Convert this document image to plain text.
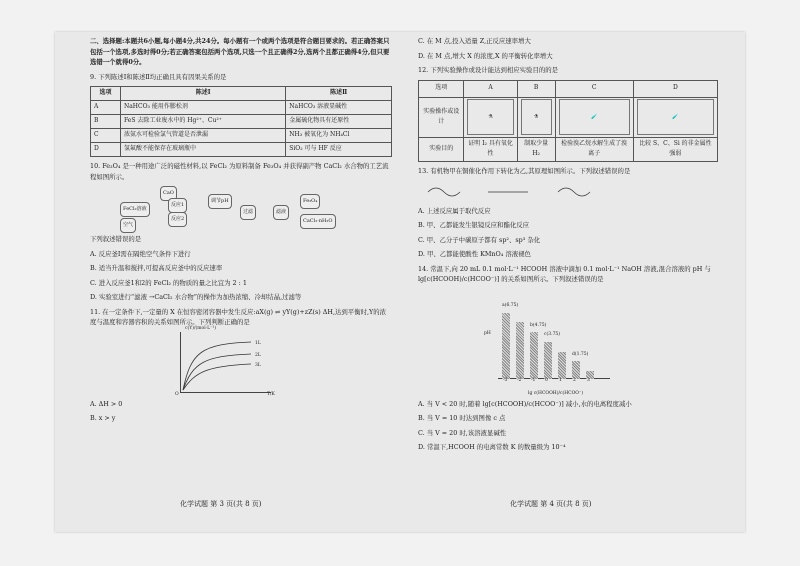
二、选择题:本题共6小题,每小题4分,共24分。每小题有一个或两个选项是符合题目要求的。若正确答案只包括一个选项,多选时得0分;若正确答案包括两个选项,只选一个且正确得2分,选两个且都正确得4分,但只要选错一个就得0分。

9. 下列陈述Ⅰ和陈述Ⅱ均正确且具有因果关系的是

选项	陈述Ⅰ	陈述Ⅱ
A	NaHCO₃ 能用作膨松剂	NaHCO₃ 溶液显碱性
B	FeS 去除工业废水中的 Hg²⁺、Cu²⁺	金属硫化物具有还原性
C	浓氨水可检验氯气管道是否泄漏	NH₃ 被氧化为 NH₄Cl
D	氢氟酸不能保存在玻璃瓶中	SiO₂ 可与 HF 反应

10. Fe₃O₄ 是一种用途广泛的磁性材料,以 FeCl₂ 为原料制备 Fe₃O₄ 并获得副产物 CaCl₂ 水合物的工艺流程如图所示。

CaO
FeCl₂溶液
反应1
反应2
调节pH
过滤	滤液
Fe₃O₄
CaCl₂·nH₂O
空气

下列叙述错误的是

A. 反应釜Ⅰ需在隔绝空气条件下进行

B. 适当升温和搅拌,可提高反应釜中的反应速率

C. 进入反应釜1和2的 FeCl₂ 的物质的量之比宜为 2 : 1

D. 实验室进行“滤液 →CaCl₂ 水合物”的操作为加热浓缩、冷却结晶,过滤等

11. 在一定条件下,一定量的 X 在恒容密闭容器中发生反应:aX(g) ⇌ yY(g)+zZ(s) ΔH,达到平衡时,Y的浓度与温度和容器容积的关系如图所示。下列判断正确的是

c(Y)/(mol·L⁻¹)
1L
2L
3L
T/K
O

A. ΔH > 0

B. x > y

化学试题 第 3 页(共 8 页)

C. 在 M 点,投入适量 Z,正反应速率增大

D. 在 M 点,增大 X 的浓度,X 的平衡转化率增大

12. 下列实验操作或设计能达到相应实验目的的是

选项	A	B	C	D
实验操作或设计	⚗	⚗	🧪	🧪

实验目的	证明 I₂ 具有氧化性	制取少量 H₂	检验溴乙烷水解生成了溴离子	比较 S、C、Si 的非金属性强弱

13. 有机物甲在铜催化作用下转化为乙,其原理如图所示。下列叙述错误的是

A. 上述反应属于取代反应

B. 甲、乙都能发生银镜反应和酯化反应

C. 甲、乙分子中碳原子都有 sp²、sp³ 杂化

D. 甲、乙都能使酸性 KMnO₄ 溶液褪色

14. 常温下,向 20 mL 0.1 mol·L⁻¹ HCOOH 溶液中滴加 0.1 mol·L⁻¹ NaOH 溶液,混合溶液的 pH 与 lg[c(HCOOH)/c(HCOO⁻)] 的关系如图所示。下列叙述错误的是

pH
lg c(HCOOH)/c(HCOO⁻)
-3 -2 -1 0 1 2 3
a(6.75)
b(4.75)
c(3.75)
d(1.75)

A. 当 V < 20 时,随着 lg[c(HCOOH)/c(HCOO⁻)] 减小,水的电离程度减小

B. 当 V = 10 时达到图像 c 点

C. 当 V = 20 时,该溶液显碱性

D. 常温下,HCOOH 的电离常数 K 的数量级为 10⁻⁴

化学试题 第 4 页(共 8 页)
